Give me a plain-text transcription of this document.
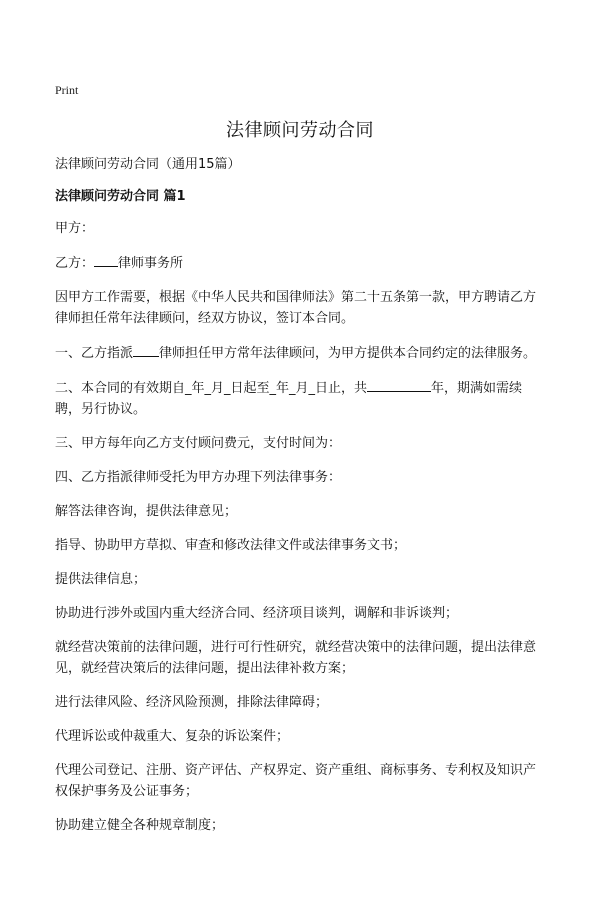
Print
法律顾问劳动合同

法律顾问劳动合同（通用15篇）

法律顾问劳动合同 篇1

甲方：

乙方： 律师事务所

因甲方工作需要，根据《中华人民共和国律师法》第二十五条第一款，甲方聘请乙方律师担任常年法律顾问，经双方协议，签订本合同。

一、乙方指派 律师担任甲方常年法律顾问，为甲方提供本合同约定的法律服务。

二、本合同的有效期自_年_月_日起至_年_月_日止，共	年，期满如需续聘，另行协议。

三、甲方每年向乙方支付顾问费元，支付时间为：

四、乙方指派律师受托为甲方办理下列法律事务：

解答法律咨询，提供法律意见；

指导、协助甲方草拟、审查和修改法律文件或法律事务文书；

提供法律信息；

协助进行涉外或国内重大经济合同、经济项目谈判，调解和非诉谈判；

就经营决策前的法律问题，进行可行性研究，就经营决策中的法律问题，提出法律意见，就经营决策后的法律问题，提出法律补救方案；

进行法律风险、经济风险预测，排除法律障碍；

代理诉讼或仲裁重大、复杂的诉讼案件；

代理公司登记、注册、资产评估、产权界定、资产重组、商标事务、专利权及知识产权保护事务及公证事务；

协助建立健全各种规章制度；
